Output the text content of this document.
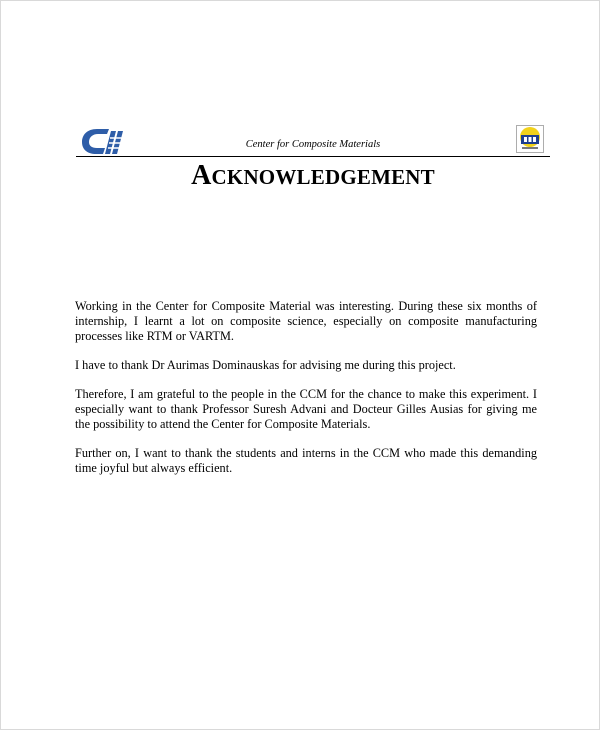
Center for Composite Materials
ACKNOWLEDGEMENT

Working in the Center for Composite Material was interesting. During these six months of internship, I learnt a lot on composite science, especially on composite manufacturing processes like RTM or VARTM.

I have to thank Dr Aurimas Dominauskas for advising me during this project.

Therefore, I am grateful to the people in the CCM for the chance to make this experiment. I especially want to thank Professor Suresh Advani and Docteur Gilles Ausias for giving me the possibility to attend the Center for Composite Materials.

Further on, I want to thank the students and interns in the CCM who made this demanding time joyful but always efficient.
